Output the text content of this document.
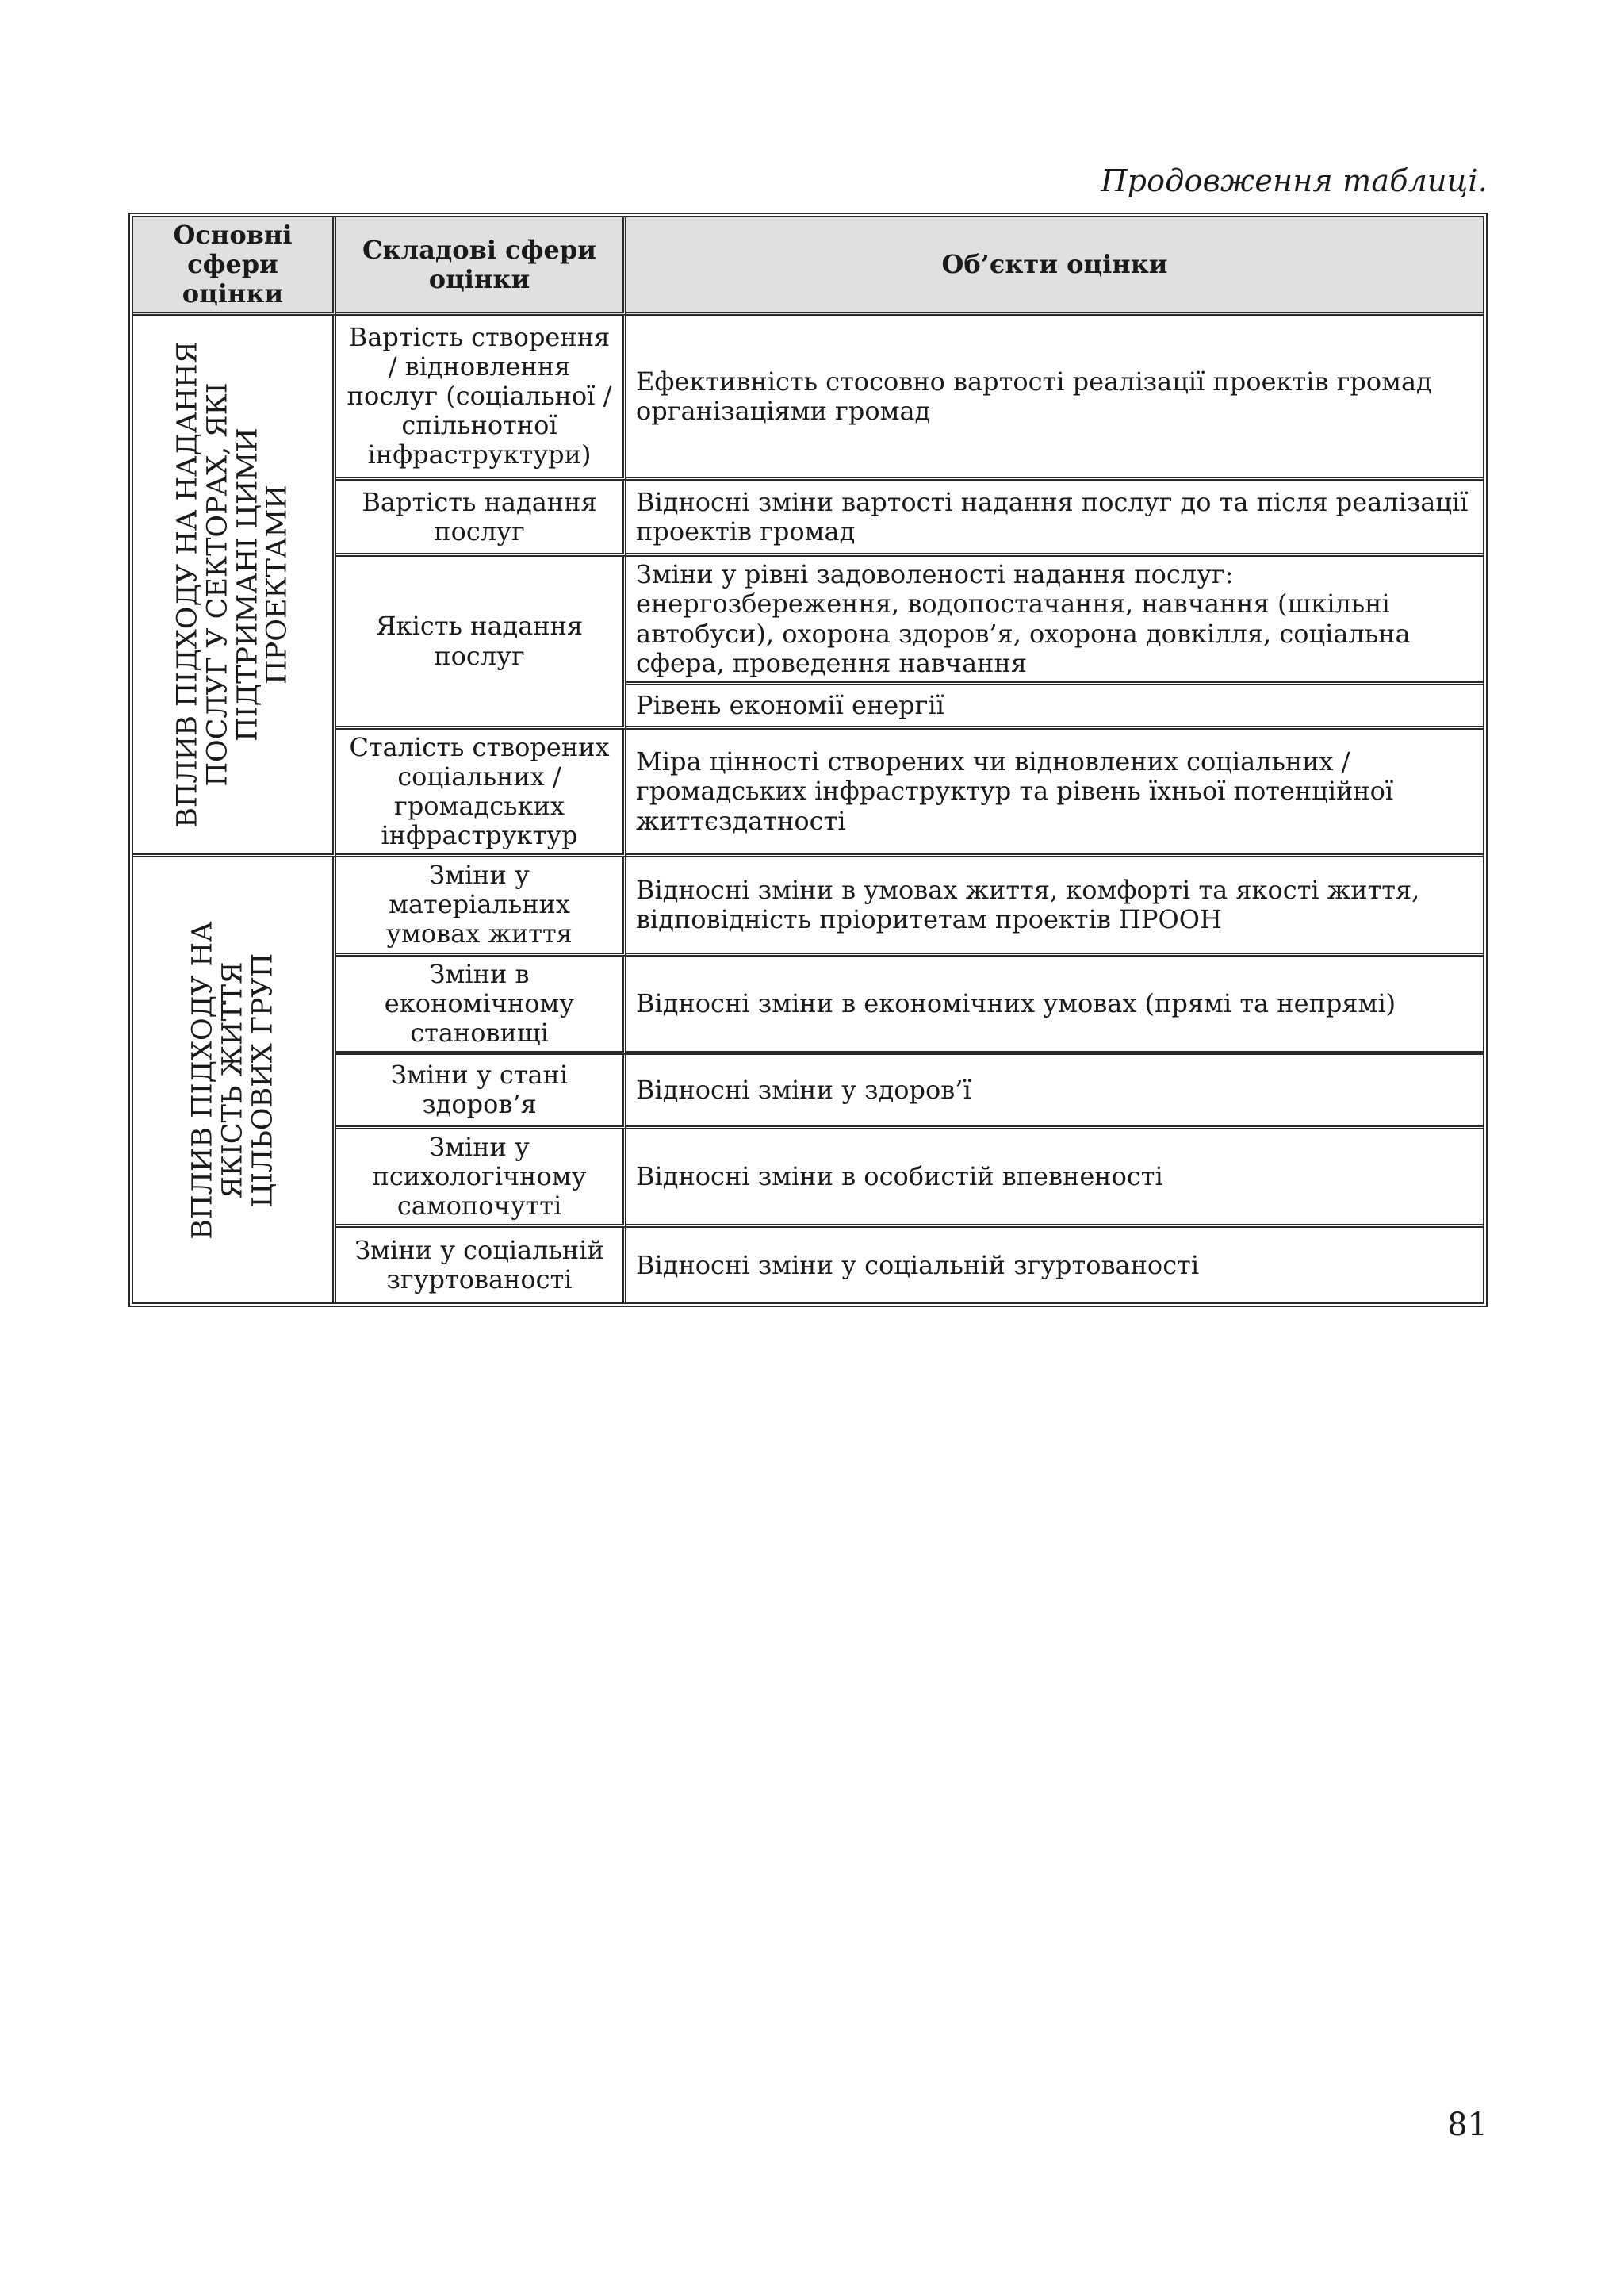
Продовження таблиці.
Основні сфери оцінки	Складові сфери оцінки	Об’єкти оцінки

ВПЛИВ ПІДХОДУ НА НАДАННЯ
ПОСЛУГ У СЕКТОРАХ, ЯКІ
ПІДТРИМАНІ ЦИМИ
ПРОЕКТАМИ	Вартість створення / відновлення послуг (соціальної / спільнотної інфраструктури)	Ефективність стосовно вартості реалізації проектів громад організаціями громад
	Вартість надання послуг	Відносні зміни вартості надання послуг до та після реалізації проектів громад
	Якість надання послуг	Зміни у рівні задоволеності надання послуг: енергозбереження, водопостачання, навчання (шкільні автобуси), охорона здоров’я, охорона довкілля, соціальна сфера, проведення навчання
		Рівень економії енергії
	Сталість створених соціальних / громадських інфраструктур	Міра цінності створених чи відновлених соціальних / громадських інфраструктур та рівень їхньої потенційної життєздатності

ВПЛИВ ПІДХОДУ НА
ЯКІСТЬ ЖИТТЯ
ЦІЛЬОВИХ ГРУП	Зміни у матеріальних умовах життя	Відносні зміни в умовах життя, комфорті та якості життя, відповідність пріоритетам проектів ПРООН
	Зміни в економічному становищі	Відносні зміни в економічних умовах (прямі та непрямі)
	Зміни у стані здоров’я	Відносні зміни у здоров’ї
	Зміни у психологічному самопочутті	Відносні зміни в особистій впевненості
	Зміни у соціальній згуртованості	Відносні зміни у соціальній згуртованості
81
